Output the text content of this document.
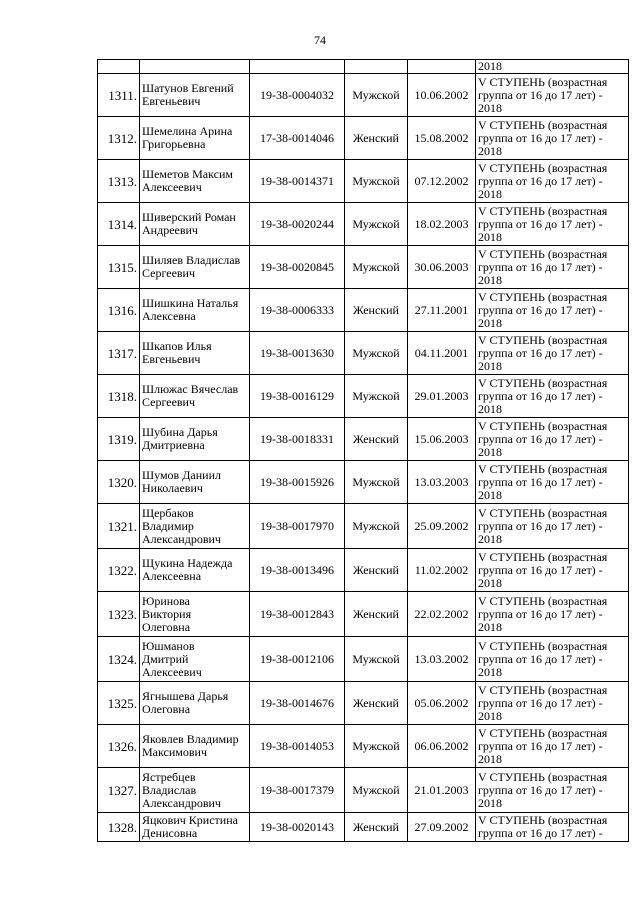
74
					2018
1311.	Шатунов Евгений
Евгеньевич	19-38-0004032	Мужской	10.06.2002	V СТУПЕНЬ (возрастная
группа от 16 до 17 лет) -
2018

1312.	Шемелина Арина
Григорьевна	17-38-0014046	Женский	15.08.2002	V СТУПЕНЬ (возрастная
группа от 16 до 17 лет) -
2018

1313.	Шеметов Максим
Алексеевич	19-38-0014371	Мужской	07.12.2002	V СТУПЕНЬ (возрастная
группа от 16 до 17 лет) -
2018

1314.	Шиверский Роман
Андреевич	19-38-0020244	Мужской	18.02.2003	V СТУПЕНЬ (возрастная
группа от 16 до 17 лет) -
2018

1315.	Шиляев Владислав
Сергеевич	19-38-0020845	Мужской	30.06.2003	V СТУПЕНЬ (возрастная
группа от 16 до 17 лет) -
2018

1316.	Шишкина Наталья
Алексевна	19-38-0006333	Женский	27.11.2001	V СТУПЕНЬ (возрастная
группа от 16 до 17 лет) -
2018

1317.	Шкапов Илья
Евгеньевич	19-38-0013630	Мужской	04.11.2001	V СТУПЕНЬ (возрастная
группа от 16 до 17 лет) -
2018

1318.	Шлюжас Вячеслав
Сергеевич	19-38-0016129	Мужской	29.01.2003	V СТУПЕНЬ (возрастная
группа от 16 до 17 лет) -
2018

1319.	Шубина Дарья
Дмитриевна	19-38-0018331	Женский	15.06.2003	V СТУПЕНЬ (возрастная
группа от 16 до 17 лет) -
2018

1320.	Шумов Даниил
Николаевич	19-38-0015926	Мужской	13.03.2003	V СТУПЕНЬ (возрастная
группа от 16 до 17 лет) -
2018

1321.	Щербаков
Владимир
Александрович	19-38-0017970	Мужской	25.09.2002	V СТУПЕНЬ (возрастная
группа от 16 до 17 лет) -
2018

1322.	Щукина Надежда
Алексеевна	19-38-0013496	Женский	11.02.2002	V СТУПЕНЬ (возрастная
группа от 16 до 17 лет) -
2018

1323.	Юринова
Виктория
Олеговна	19-38-0012843	Женский	22.02.2002	V СТУПЕНЬ (возрастная
группа от 16 до 17 лет) -
2018

1324.	Юшманов
Дмитрий
Алексеевич	19-38-0012106	Мужской	13.03.2002	V СТУПЕНЬ (возрастная
группа от 16 до 17 лет) -
2018

1325.	Ягнышева Дарья
Олеговна	19-38-0014676	Женский	05.06.2002	V СТУПЕНЬ (возрастная
группа от 16 до 17 лет) -
2018

1326.	Яковлев Владимир
Максимович	19-38-0014053	Мужской	06.06.2002	V СТУПЕНЬ (возрастная
группа от 16 до 17 лет) -
2018

1327.	Ястребцев
Владислав
Александрович	19-38-0017379	Мужской	21.01.2003	V СТУПЕНЬ (возрастная
группа от 16 до 17 лет) -
2018

1328.	Яцкович Кристина
Денисовна	19-38-0020143	Женский	27.09.2002	V СТУПЕНЬ (возрастная
группа от 16 до 17 лет) -
